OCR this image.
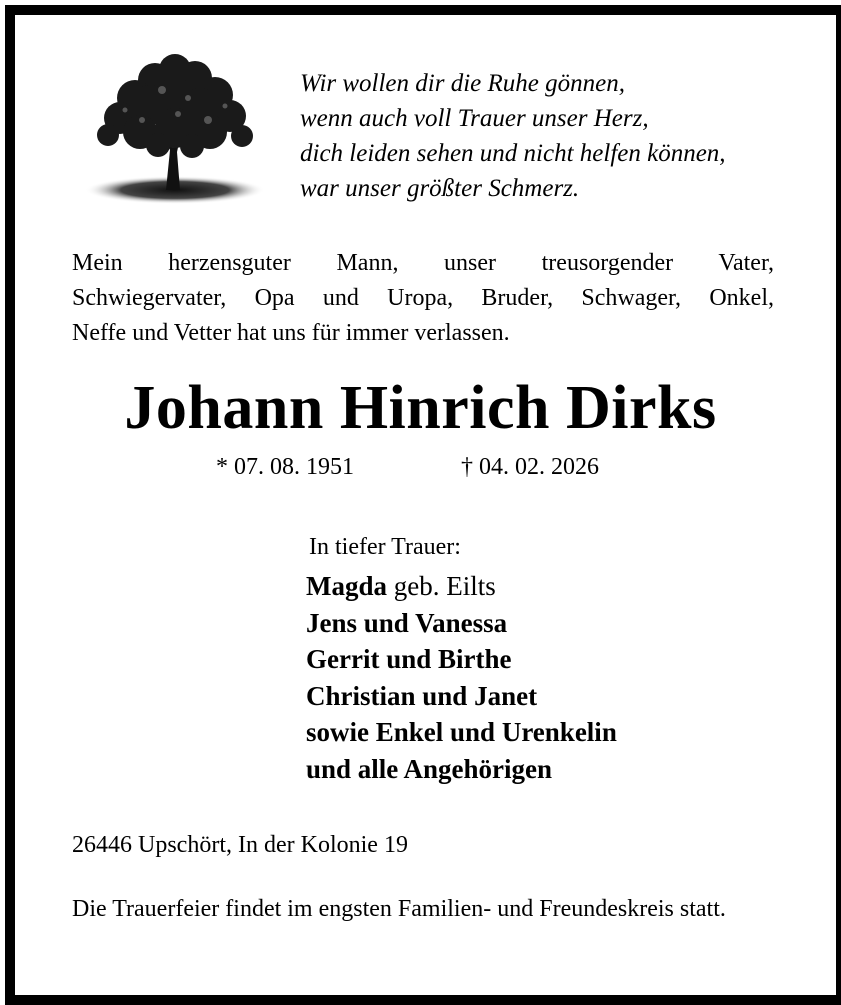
Wir wollen dir die Ruhe gönnen,
wenn auch voll Trauer unser Herz,
dich leiden sehen und nicht helfen können,
war unser größter Schmerz.
Mein herzensguter Mann, unser treusorgender Vater,
Schwiegervater, Opa und Uropa, Bruder, Schwager, Onkel,
Neffe und Vetter hat uns für immer verlassen.
Johann Hinrich Dirks
* 07. 08. 1951	† 04. 02. 2026
In tiefer Trauer:
Magda geb. Eilts
Jens und Vanessa
Gerrit und Birthe
Christian und Janet
sowie Enkel und Urenkelin
und alle Angehörigen
26446 Upschört, In der Kolonie 19
Die Trauerfeier findet im engsten Familien- und Freundeskreis statt.
